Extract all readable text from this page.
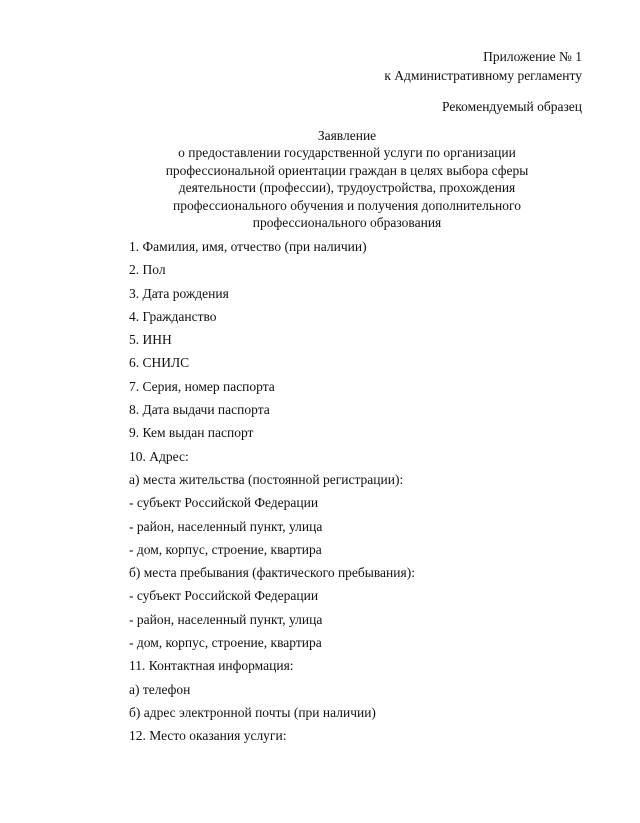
Приложение № 1
к Административному регламенту
Рекомендуемый образец
Заявление
о предоставлении государственной услуги по организации
профессиональной ориентации граждан в целях выбора сферы
деятельности (профессии), трудоустройства, прохождения
профессионального обучения и получения дополнительного
профессионального образования
1. Фамилия, имя, отчество (при наличии)
2. Пол
3. Дата рождения
4. Гражданство
5. ИНН
6. СНИЛС
7. Серия, номер паспорта
8. Дата выдачи паспорта
9. Кем выдан паспорт
10. Адрес:
а) места жительства (постоянной регистрации):
- субъект Российской Федерации
- район, населенный пункт, улица
- дом, корпус, строение, квартира
б) места пребывания (фактического пребывания):
- субъект Российской Федерации
- район, населенный пункт, улица
- дом, корпус, строение, квартира
11. Контактная информация:
а) телефон
б) адрес электронной почты (при наличии)
12. Место оказания услуги:
